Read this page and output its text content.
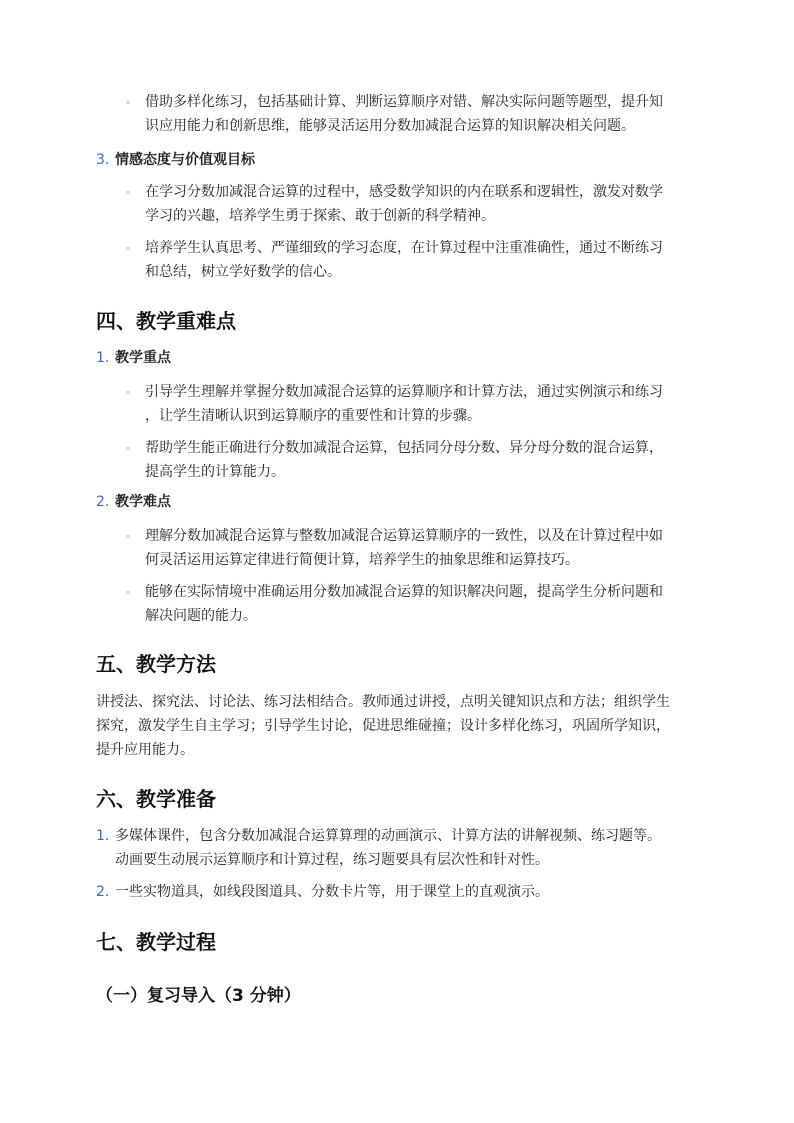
◦ 借助多样化练习，包括基础计算、判断运算顺序对错、解决实际问题等题型，提升知
识应用能力和创新思维，能够灵活运用分数加减混合运算的知识解决相关问题。
3. 情感态度与价值观目标
◦ 在学习分数加减混合运算的过程中，感受数学知识的内在联系和逻辑性，激发对数学
学习的兴趣，培养学生勇于探索、敢于创新的科学精神。
◦ 培养学生认真思考、严谨细致的学习态度，在计算过程中注重准确性，通过不断练习
和总结，树立学好数学的信心。
四、教学重难点
1. 教学重点
◦ 引导学生理解并掌握分数加减混合运算的运算顺序和计算方法，通过实例演示和练习
，让学生清晰认识到运算顺序的重要性和计算的步骤。
◦ 帮助学生能正确进行分数加减混合运算，包括同分母分数、异分母分数的混合运算，
提高学生的计算能力。
2. 教学难点
◦ 理解分数加减混合运算与整数加减混合运算运算顺序的一致性，以及在计算过程中如
何灵活运用运算定律进行简便计算，培养学生的抽象思维和运算技巧。
◦ 能够在实际情境中准确运用分数加减混合运算的知识解决问题，提高学生分析问题和
解决问题的能力。
五、教学方法
讲授法、探究法、讨论法、练习法相结合。教师通过讲授，点明关键知识点和方法；组织学生
探究，激发学生自主学习；引导学生讨论，促进思维碰撞；设计多样化练习，巩固所学知识，
提升应用能力。
六、教学准备
1. 多媒体课件，包含分数加减混合运算算理的动画演示、计算方法的讲解视频、练习题等。
动画要生动展示运算顺序和计算过程，练习题要具有层次性和针对性。
2. 一些实物道具，如线段图道具、分数卡片等，用于课堂上的直观演示。
七、教学过程
（一）复习导入（3 分钟）
